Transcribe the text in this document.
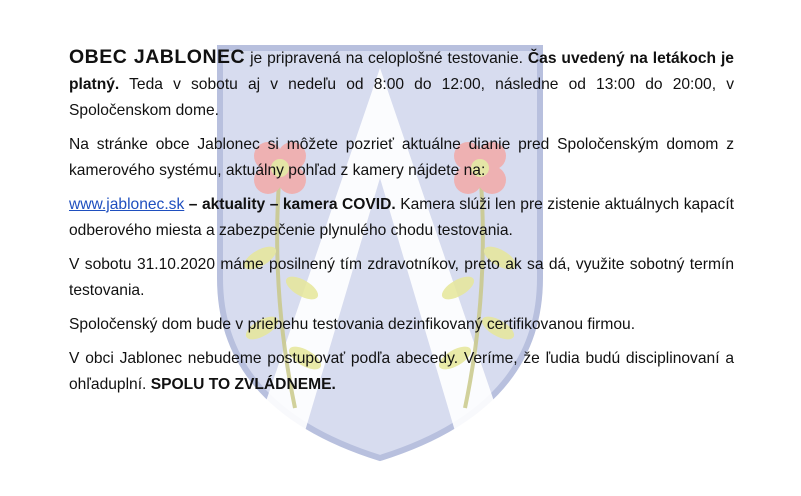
OBEC JABLONEC je pripravená na celoplošné testovanie. Čas uvedený na letákoch je platný. Teda v sobotu aj v nedeľu od 8:00 do 12:00, následne od 13:00 do 20:00, v Spoločenskom dome.

Na stránke obce Jablonec si môžete pozrieť aktuálne dianie pred Spoločenským domom z kamerového systému, aktuálny pohľad z kamery nájdete na:

www.jablonec.sk – aktuality – kamera COVID. Kamera slúži len pre zistenie aktuálnych kapacít odberového miesta a zabezpečenie plynulého chodu testovania.

V sobotu 31.10.2020 máme posilnený tím zdravotníkov, preto ak sa dá, využite sobotný termín testovania.

Spoločenský dom bude v priebehu testovania dezinfikovaný certifikovanou firmou.

V obci Jablonec nebudeme postupovať podľa abecedy. Veríme, že ľudia budú disciplinovaní a ohľaduplní. SPOLU TO ZVLÁDNEME.
